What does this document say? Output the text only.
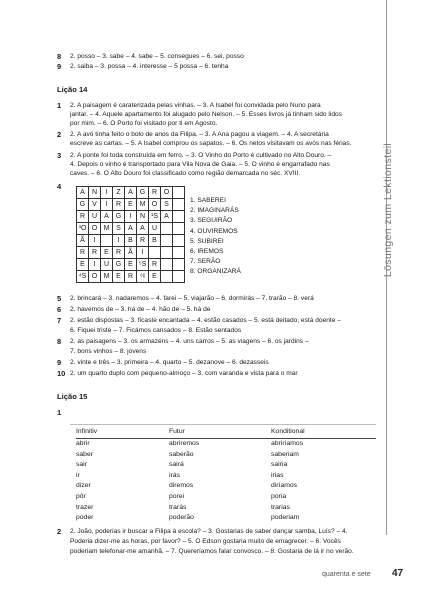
Lösungen zum Lektionsteil
8 2. posso – 3. sabe – 4. sabe – 5. consegues – 6. sei, posso
9 2. saiba – 3. possa – 4. interesse – 5 possa – 6. tenha
Lição 14
1 2. A paisagem é caraterizada pelas vinhas. – 3. A Isabel foi convidada pelo Nuno para
jantar. – 4. Aquele apartamento foi alugado pelo Nelson. – 5. Esses livros já tinham sido lidos
por mim. – 6. O Porto foi visitado por ti em Agosto.
2 2. A avó tinha feito o bolo de anos da Filipa. – 3. A Ana pagou a viagem. – 4. A secretária
escreve as cartas. – 5. A Isabel comprou os sapatos. – 6. Os netos visitavam os avós nas férias.
3 2. A ponte foi toda construída em ferro. – 3. O Vinho do Porto é cultivado no Alto Douro. –
4. Depois o vinho é transportado para Vila Nova de Gaia. – 5. O vinho é engarrafado nas
caves. – 6. O Alto Douro foi classificado como região demarcada no séc. XVIII.
4
A	N	I	Z	A G R O
G V	I	R	E M O S
R U	A G	I	N ¹S A
³O O M S	A	A	U
Ã	I	I	B	R	B
R R	E	R	Ã	I
E	I	U G E ⁵S R
⁴S O M E	R	⁶I	E
1. SABEREI
2. IMAGINARÁS
3. SEGUIRÃO
4. OUVIREMOS
5. SUBIREI
6. IREMOS
7. SERÃO
8. ORGANIZARÁ
5 2. brincará – 3. nadaremos – 4. farei – 5. viajarão – 6. dormirás – 7. trarão – 8. verá
6 2. havemos de – 3. há de – 4. hão de – 5. há de
7 2. estão dispostas – 3. ficaste encantada – 4. estão casados – 5. está deitado, está doente –
6. Fiquei triste – 7. Ficámos cansados – 8. Estão sentados
8 2. as paisagens – 3. os armazéns – 4. uns carros – 5. as viagens – 6. os jardins –
7. bons vinhos – 8. jovens
9 2. vinte e três – 3. primeira – 4. quarto – 5. dezanove – 6. dezasseis
10 2. um quarto duplo com pequeno-almoço – 3. com varanda e vista para o mar
Lição 15
1
Infinitiv	Futur	Konditional
abrir	abriremos	abriríamos
saber	saberão	saberiam
sair	sairá	sairia
ir	irás	irias
dizer	diremos	diríamos
pôr	porei	poria
trazer	trarás	trarias
poder	poderão	poderiam
2 2. João, poderias ir buscar a Filipa à escola? – 3. Gostarias de saber dançar samba, Luís? – 4.
Poderia dizer-me as horas, por favor? – 5. O Edson gostaria muito de emagrecer. – 6. Vocês
poderiam telefonar-me amanhã. – 7. Quereríamos falar convosco. – 8. Gostaria de lá ir no verão.
quarenta e sete 47
